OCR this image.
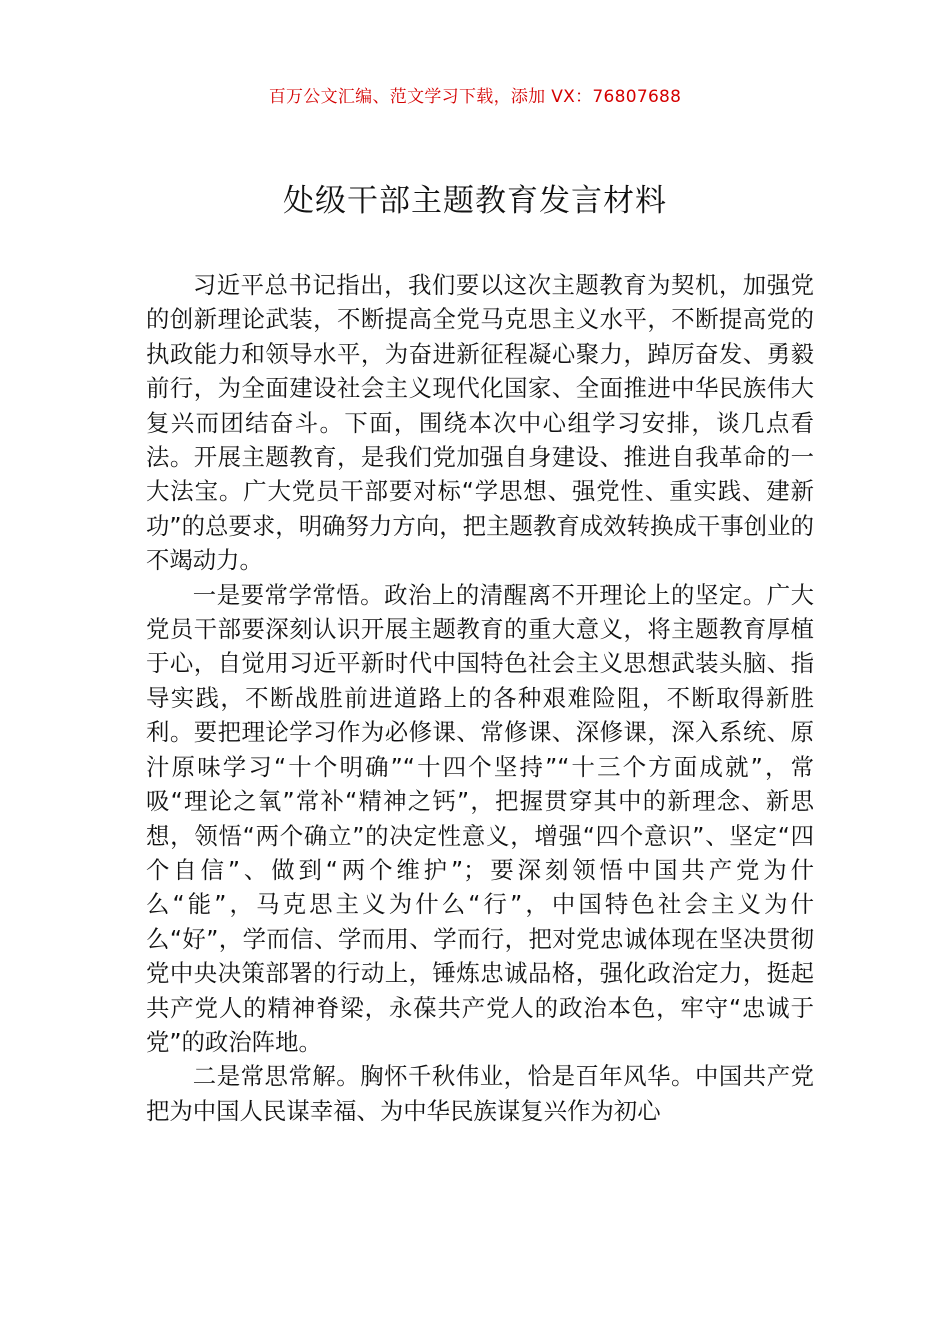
百万公文汇编、范文学习下载，添加 VX：76807688
处级干部主题教育发言材料

习近平总书记指出，我们要以这次主题教育为契机，加强党的创新理论武装，不断提高全党马克思主义水平，不断提高党的执政能力和领导水平，为奋进新征程凝心聚力，踔厉奋发、勇毅前行，为全面建设社会主义现代化国家、全面推进中华民族伟大复兴而团结奋斗。下面，围绕本次中心组学习安排，谈几点看法。开展主题教育，是我们党加强自身建设、推进自我革命的一大法宝。广大党员干部要对标“学思想、强党性、重实践、建新功”的总要求，明确努力方向，把主题教育成效转换成干事创业的不竭动力。

一是要常学常悟。政治上的清醒离不开理论上的坚定。广大党员干部要深刻认识开展主题教育的重大意义，将主题教育厚植于心，自觉用习近平新时代中国特色社会主义思想武装头脑、指导实践，不断战胜前进道路上的各种艰难险阻，不断取得新胜利。要把理论学习作为必修课、常修课、深修课，深入系统、原汁原味学习“十个明确”“十四个坚持”“十三个方面成就”，常吸“理论之氧”常补“精神之钙”，把握贯穿其中的新理念、新思想，领悟“两个确立”的决定性意义，增强“四个意识”、坚定“四个自信”、做到“两个维护”；要深刻领悟中国共产党为什么“能”，马克思主义为什么“行”，中国特色社会主义为什么“好”，学而信、学而用、学而行，把对党忠诚体现在坚决贯彻党中央决策部署的行动上，锤炼忠诚品格，强化政治定力，挺起共产党人的精神脊梁，永葆共产党人的政治本色，牢守“忠诚于党”的政治阵地。

二是常思常解。胸怀千秋伟业，恰是百年风华。中国共产党把为中国人民谋幸福、为中华民族谋复兴作为初心
